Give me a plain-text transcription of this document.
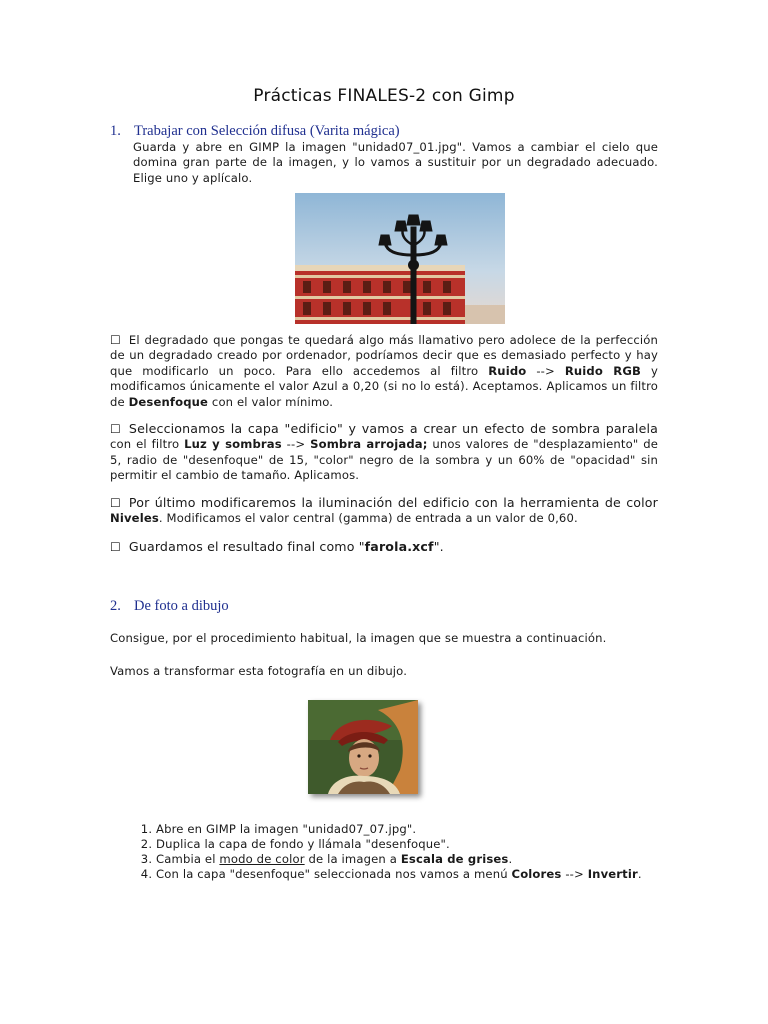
Prácticas FINALES-2 con Gimp
1. Trabajar con Selección difusa (Varita mágica)
Guarda y abre en GIMP la imagen "unidad07_01.jpg". Vamos a cambiar el cielo que domina gran parte de la imagen, y lo vamos a sustituir por un degradado adecuado. Elige uno y aplícalo.
☐ El degradado que pongas te quedará algo más llamativo pero adolece de la perfección de un degradado creado por ordenador, podríamos decir que es demasiado perfecto y hay que modificarlo un poco. Para ello accedemos al filtro Ruido --> Ruido RGB y modificamos únicamente el valor Azul a 0,20 (si no lo está). Aceptamos. Aplicamos un filtro de Desenfoque con el valor mínimo.
☐ Seleccionamos la capa "edificio" y vamos a crear un efecto de sombra paralela con el filtro Luz y sombras --> Sombra arrojada; unos valores de "desplazamiento" de 5, radio de "desenfoque" de 15, "color" negro de la sombra y un 60% de "opacidad" sin permitir el cambio de tamaño. Aplicamos.
☐ Por último modificaremos la iluminación del edificio con la herramienta de color Niveles. Modificamos el valor central (gamma) de entrada a un valor de 0,60.
☐ Guardamos el resultado final como "farola.xcf".
2. De foto a dibujo
Consigue, por el procedimiento habitual, la imagen que se muestra a continuación.
Vamos a transformar esta fotografía en un dibujo.
1. Abre en GIMP la imagen "unidad07_07.jpg".
2. Duplica la capa de fondo y llámala "desenfoque".
3. Cambia el modo de color de la imagen a Escala de grises.
4. Con la capa "desenfoque" seleccionada nos vamos a menú Colores --> Invertir.
